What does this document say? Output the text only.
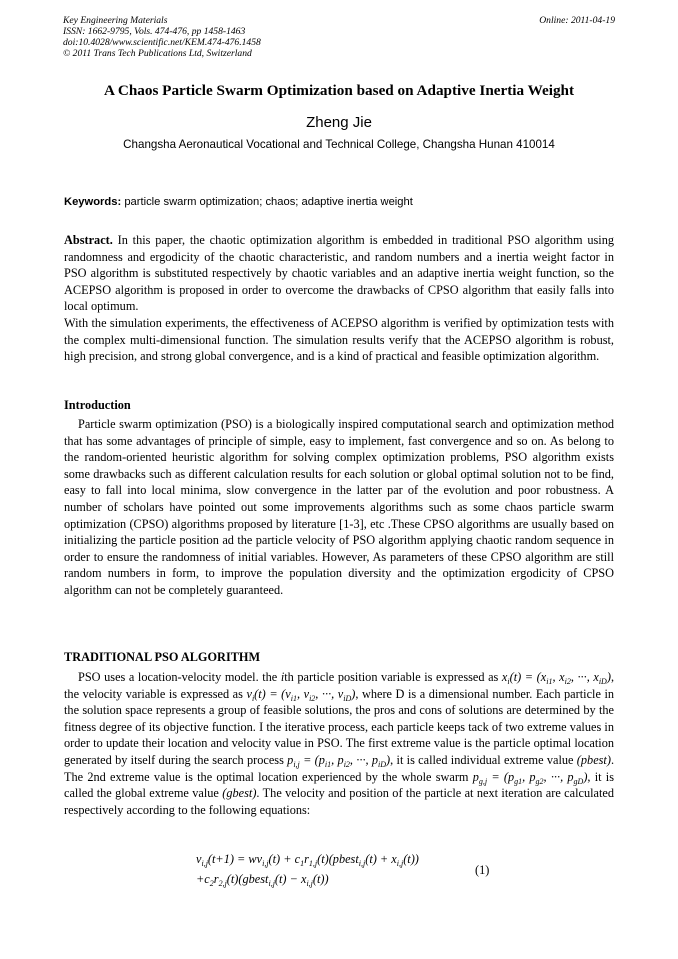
Key Engineering Materials
ISSN: 1662-9795, Vols. 474-476, pp 1458-1463
doi:10.4028/www.scientific.net/KEM.474-476.1458
© 2011 Trans Tech Publications Ltd, Switzerland
Online: 2011-04-19
A Chaos Particle Swarm Optimization based on Adaptive Inertia Weight
Zheng Jie
Changsha Aeronautical Vocational and Technical College, Changsha Hunan 410014
Keywords: particle swarm optimization; chaos; adaptive inertia weight

Abstract. In this paper, the chaotic optimization algorithm is embedded in traditional PSO algorithm using randomness and ergodicity of the chaotic characteristic, and random numbers and a inertia weight factor in PSO algorithm is substituted respectively by chaotic variables and an adaptive inertia weight function, so the ACEPSO algorithm is proposed in order to overcome the drawbacks of CPSO algorithm that easily falls into local optimum.

With the simulation experiments, the effectiveness of ACEPSO algorithm is verified by optimization tests with the complex multi-dimensional function. The simulation results verify that the ACEPSO algorithm is robust, high precision, and strong global convergence, and is a kind of practical and feasible optimization algorithm.

Introduction

Particle swarm optimization (PSO) is a biologically inspired computational search and optimization method that has some advantages of principle of simple, easy to implement, fast convergence and so on. As belong to the random-oriented heuristic algorithm for solving complex optimization problems, PSO algorithm exists some drawbacks such as different calculation results for each solution or global optimal solution not to be find, easy to fall into local minima, slow convergence in the latter par of the evolution and poor robustness. A number of scholars have pointed out some improvements algorithms such as some chaos particle swarm optimization (CPSO) algorithms proposed by literature [1-3], etc .These CPSO algorithms are usually based on initializing the particle position ad the particle velocity of PSO algorithm applying chaotic random sequence in order to ensure the randomness of initial variables. However, As parameters of these CPSO algorithm are still random numbers in form, to improve the population diversity and the optimization ergodicity of CPSO algorithm can not be completely guaranteed.

TRADITIONAL PSO ALGORITHM

PSO uses a location-velocity model. the ith particle position variable is expressed as $x_i(t) = (x_{i1}$, $x_{i2}$, ···, $x_{iD}$), the velocity variable is expressed as $v_i(t) = (v_{i1}$, $v_{i2}$, ···, $v_{iD}$), where D is a dimensional number. Each particle in the solution space represents a group of feasible solutions, the pros and cons of solutions are determined by the fitness degree of its objective function. I the iterative process, each particle keeps tack of two extreme values in order to update their location and velocity value in PSO. The first extreme value is the particle optimal location generated by itself during the search process $p_{i,j} = (p_{i1}$, $p_{i2}$, ···, $p_{iD}$), it is called individual extreme value (pbest). The 2nd extreme value is the optimal location experienced by the whole swarm $p_{g,j} = (p_{g1}$, $p_{g2}$, ···, $p_{gD}$), it is called the global extreme value (gbest). The velocity and position of the particle at next iteration are calculated respectively according to the following equations:

$v_{i,j}(t+1) = wv_{i,j}(t)$ + $c_1r_{1,j}(t)(pbest_{i,j}(t) + x_{i,j}(t))$
$+c_2r_{2,j}(t)(gbest_{i,j}(t) - x_{i,j}(t))$
(1)
